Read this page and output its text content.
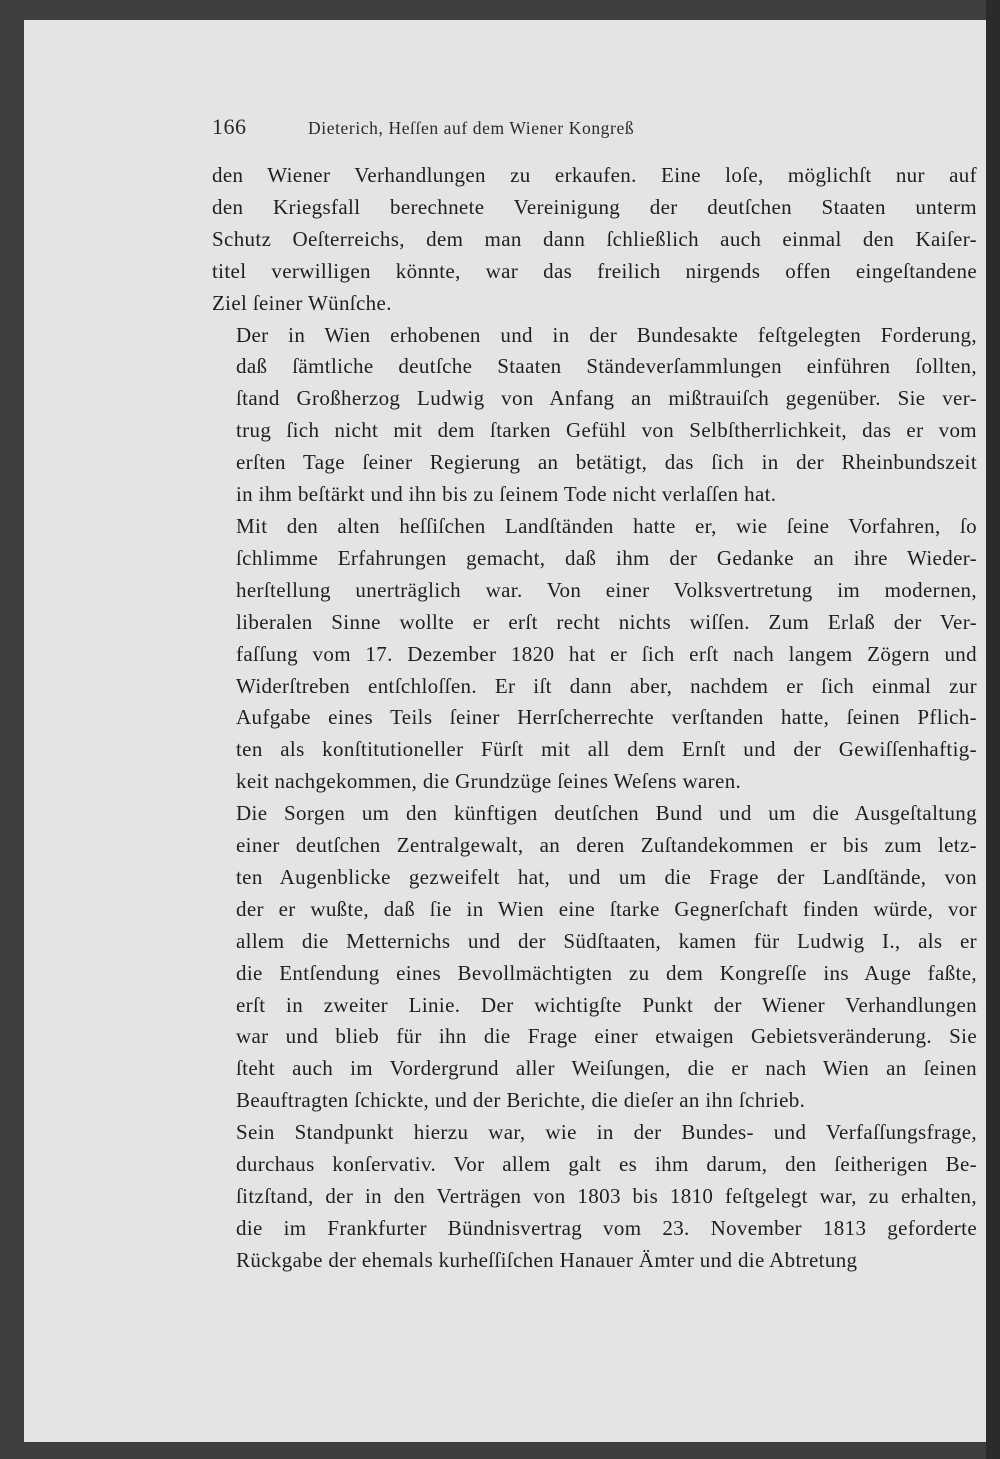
166	Dieterich, Heſſen auf dem Wiener Kongreß

den Wiener Verhandlungen zu erkaufen. Eine loſe, möglichſt nur auf
den Kriegsfall berechnete Vereinigung der deutſchen Staaten unterm
Schutz Oeſterreichs, dem man dann ſchließlich auch einmal den Kaiſer-
titel verwilligen könnte, war das freilich nirgends offen eingeſtandene
Ziel ſeiner Wünſche.

Der in Wien erhobenen und in der Bundesakte feſtgelegten Forderung,
daß ſämtliche deutſche Staaten Ständeverſammlungen einführen ſollten,
ſtand Großherzog Ludwig von Anfang an mißtrauiſch gegenüber. Sie ver-
trug ſich nicht mit dem ſtarken Gefühl von Selbſtherrlichkeit, das er vom
erſten Tage ſeiner Regierung an betätigt, das ſich in der Rheinbundszeit
in ihm beſtärkt und ihn bis zu ſeinem Tode nicht verlaſſen hat.

Mit den alten heſſiſchen Landſtänden hatte er, wie ſeine Vorfahren, ſo
ſchlimme Erfahrungen gemacht, daß ihm der Gedanke an ihre Wieder-
herſtellung unerträglich war. Von einer Volksvertretung im modernen,
liberalen Sinne wollte er erſt recht nichts wiſſen. Zum Erlaß der Ver-
faſſung vom 17. Dezember 1820 hat er ſich erſt nach langem Zögern und
Widerſtreben entſchloſſen. Er iſt dann aber, nachdem er ſich einmal zur
Aufgabe eines Teils ſeiner Herrſcherrechte verſtanden hatte, ſeinen Pflich-
ten als konſtitutioneller Fürſt mit all dem Ernſt und der Gewiſſenhaftig-
keit nachgekommen, die Grundzüge ſeines Weſens waren.

Die Sorgen um den künftigen deutſchen Bund und um die Ausgeſtaltung
einer deutſchen Zentralgewalt, an deren Zuſtandekommen er bis zum letz-
ten Augenblicke gezweifelt hat, und um die Frage der Landſtände, von
der er wußte, daß ſie in Wien eine ſtarke Gegnerſchaft finden würde, vor
allem die Metternichs und der Südſtaaten, kamen für Ludwig I., als er
die Entſendung eines Bevollmächtigten zu dem Kongreſſe ins Auge faßte,
erſt in zweiter Linie. Der wichtigſte Punkt der Wiener Verhandlungen
war und blieb für ihn die Frage einer etwaigen Gebietsveränderung. Sie
ſteht auch im Vordergrund aller Weiſungen, die er nach Wien an ſeinen
Beauftragten ſchickte, und der Berichte, die dieſer an ihn ſchrieb.

Sein Standpunkt hierzu war, wie in der Bundes- und Verfaſſungsfrage,
durchaus konſervativ. Vor allem galt es ihm darum, den ſeitherigen Be-
ſitzſtand, der in den Verträgen von 1803 bis 1810 feſtgelegt war, zu erhalten,
die im Frankfurter Bündnisvertrag vom 23. November 1813 geforderte
Rückgabe der ehemals kurheſſiſchen Hanauer Ämter und die Abtretung
